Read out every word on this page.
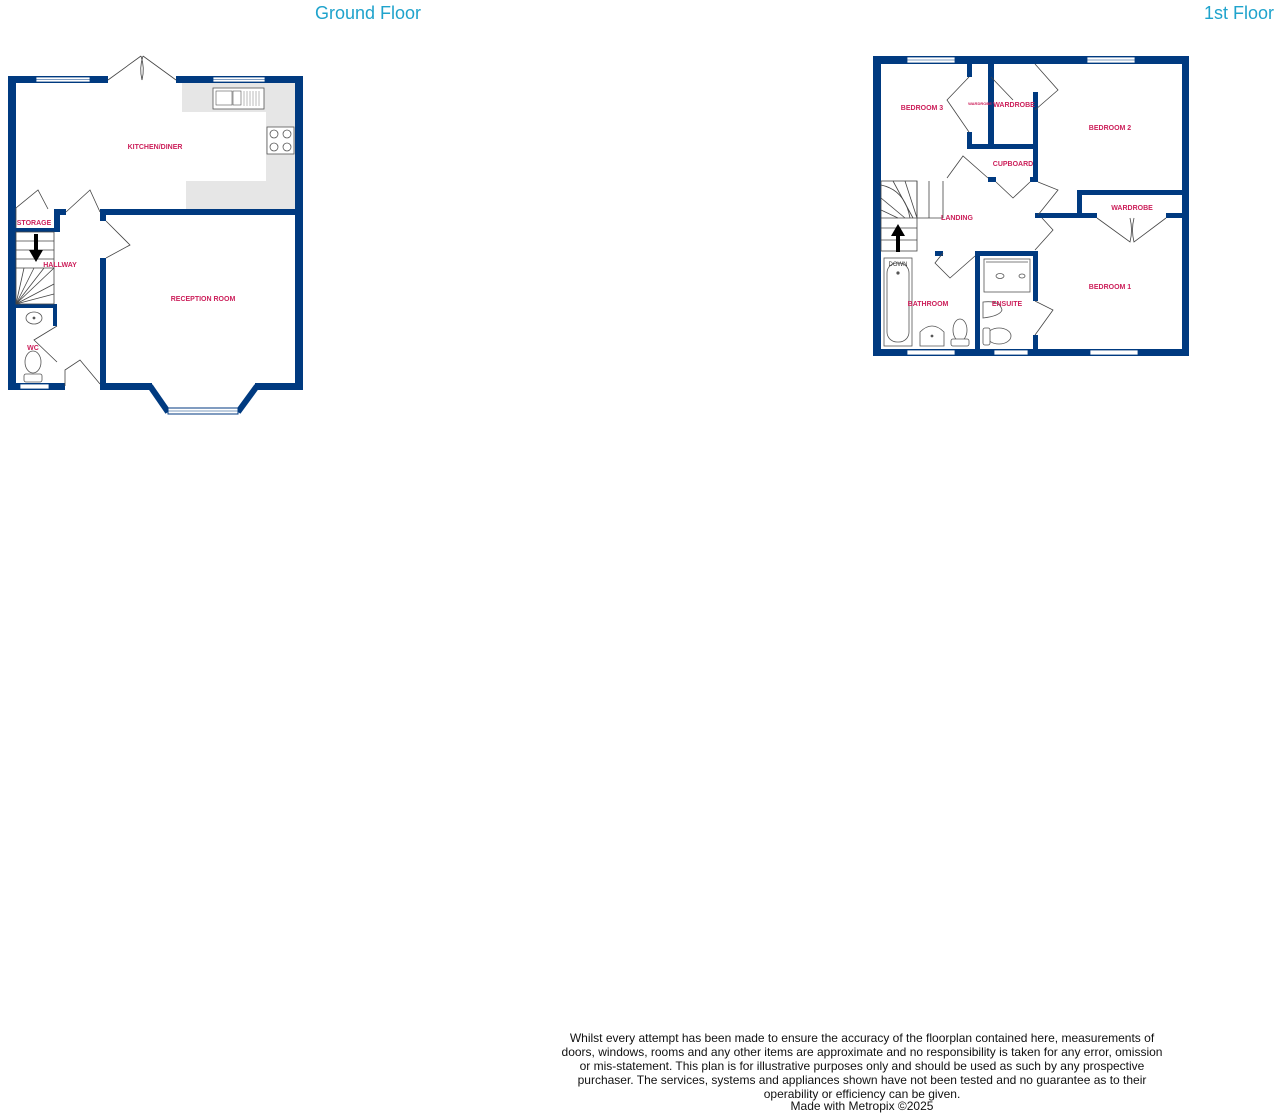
Ground Floor	1st Floor
KITCHEN/DINER
STORAGE
HALLWAY
RECEPTION ROOM
WC
BEDROOM 3
WARDROBE WARDROBE
BEDROOM 2
CUPBOARD
LANDING
WARDROBE
DOWN
BATHROOM	ENSUITE
BEDROOM 1
Whilst every attempt has been made to ensure the accuracy of the floorplan contained here, measurements of doors, windows, rooms and any other items are approximate and no responsibility is taken for any error, omission or mis-statement. This plan is for illustrative purposes only and should be used as such by any prospective purchaser. The services, systems and appliances shown have not been tested and no guarantee as to their operability or efficiency can be given.
Made with Metropix ©2025
